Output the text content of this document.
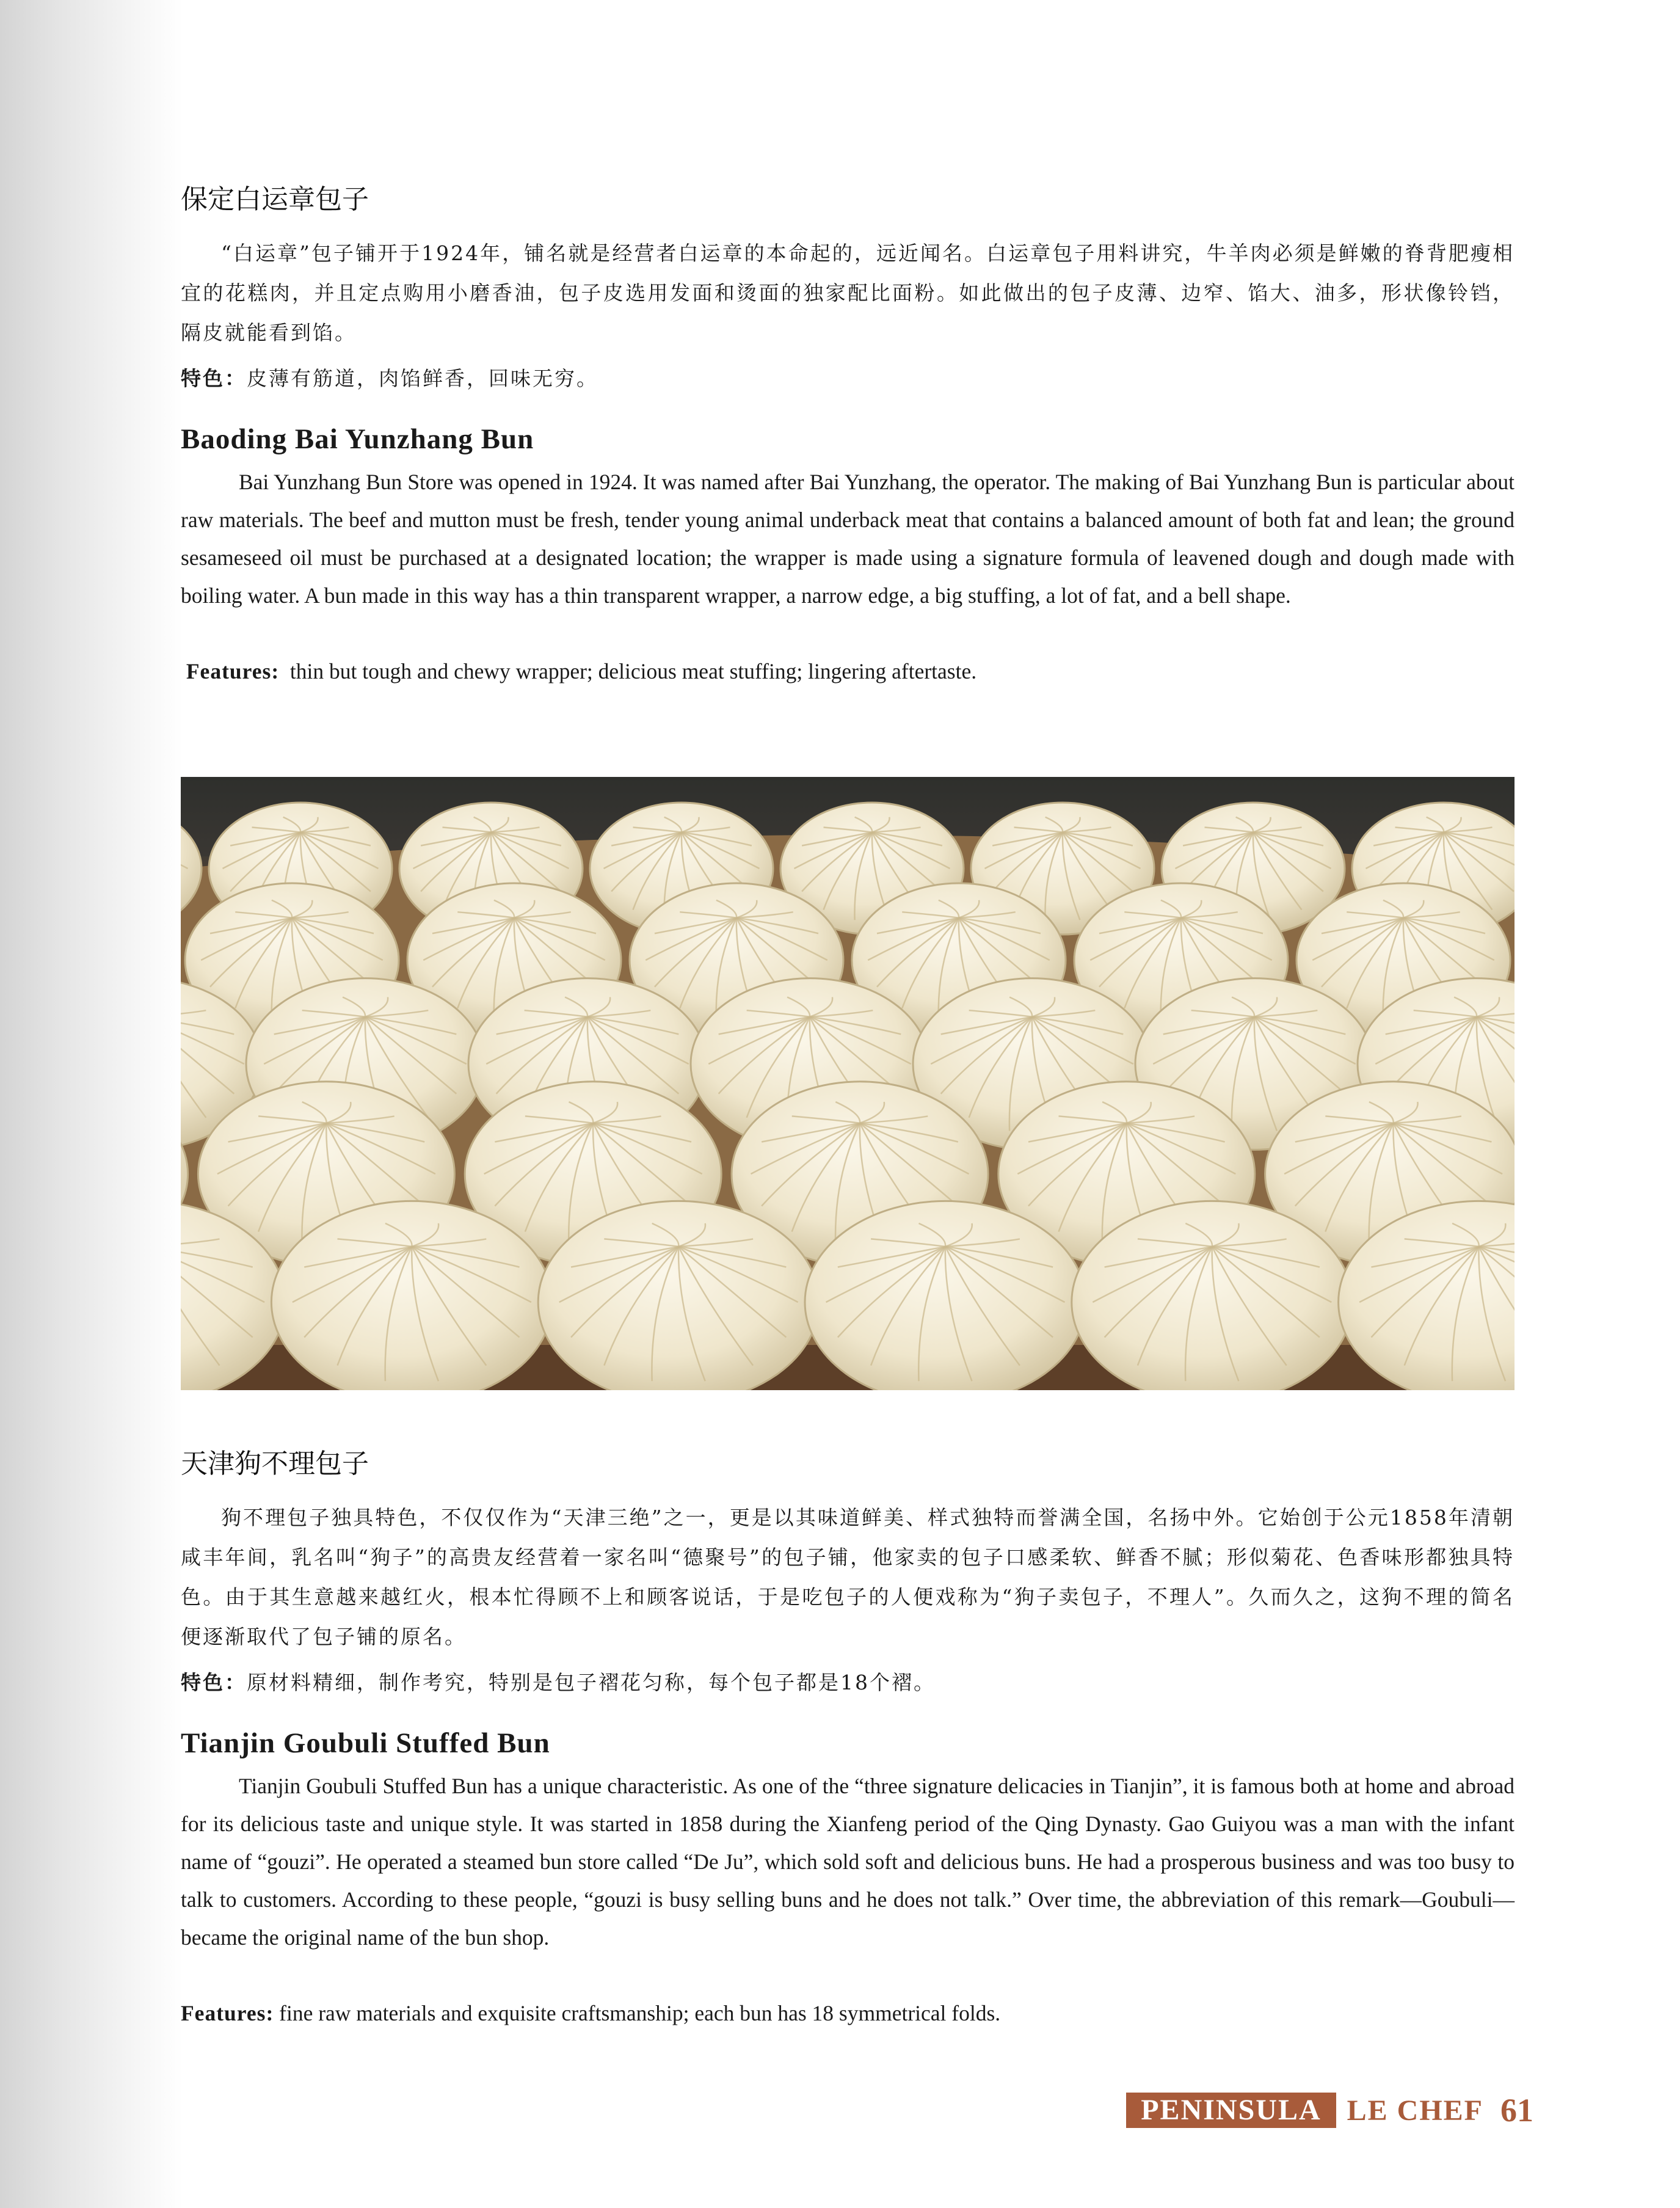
保定白运章包子

“白运章”包子铺开于1924年，铺名就是经营者白运章的本命起的，远近闻名。白运章包子用料讲究，牛羊肉必须是鲜嫩的脊背肥瘦相宜的花糕肉，并且定点购用小磨香油，包子皮选用发面和烫面的独家配比面粉。如此做出的包子皮薄、边窄、馅大、油多，形状像铃铛，隔皮就能看到馅。

特色：皮薄有筋道，肉馅鲜香，回味无穷。

Baoding Bai Yunzhang Bun

Bai Yunzhang Bun Store was opened in 1924. It was named after Bai Yunzhang, the operator. The making of Bai Yunzhang Bun is particular about raw materials. The beef and mutton must be fresh, tender young animal underback meat that contains a balanced amount of both fat and lean; the ground sesameseed oil must be purchased at a designated location; the wrapper is made using a signature formula of leavened dough and dough made with boiling water. A bun made in this way has a thin transparent wrapper, a narrow edge, a big stuffing, a lot of fat, and a bell shape.

Features: thin but tough and chewy wrapper; delicious meat stuffing; lingering aftertaste.

天津狗不理包子

狗不理包子独具特色，不仅仅作为“天津三绝”之一，更是以其味道鲜美、样式独特而誉满全国，名扬中外。它始创于公元1858年清朝咸丰年间，乳名叫“狗子”的高贵友经营着一家名叫“德聚号”的包子铺，他家卖的包子口感柔软、鲜香不腻；形似菊花、色香味形都独具特色。由于其生意越来越红火，根本忙得顾不上和顾客说话，于是吃包子的人便戏称为“狗子卖包子，不理人”。久而久之，这狗不理的简名便逐渐取代了包子铺的原名。

特色：原材料精细，制作考究，特别是包子褶花匀称，每个包子都是18个褶。

Tianjin Goubuli Stuffed Bun

Tianjin Goubuli Stuffed Bun has a unique characteristic. As one of the “three signature delicacies in Tianjin”, it is famous both at home and abroad for its delicious taste and unique style. It was started in 1858 during the Xianfeng period of the Qing Dynasty. Gao Guiyou was a man with the infant name of “gouzi”. He operated a steamed bun store called “De Ju”, which sold soft and delicious buns. He had a prosperous business and was too busy to talk to customers. According to these people, “gouzi is busy selling buns and he does not talk.” Over time, the abbreviation of this remark—Goubuli—became the original name of the bun shop.

Features: fine raw materials and exquisite craftsmanship; each bun has 18 symmetrical folds.

PENINSULA LE CHEF 61
